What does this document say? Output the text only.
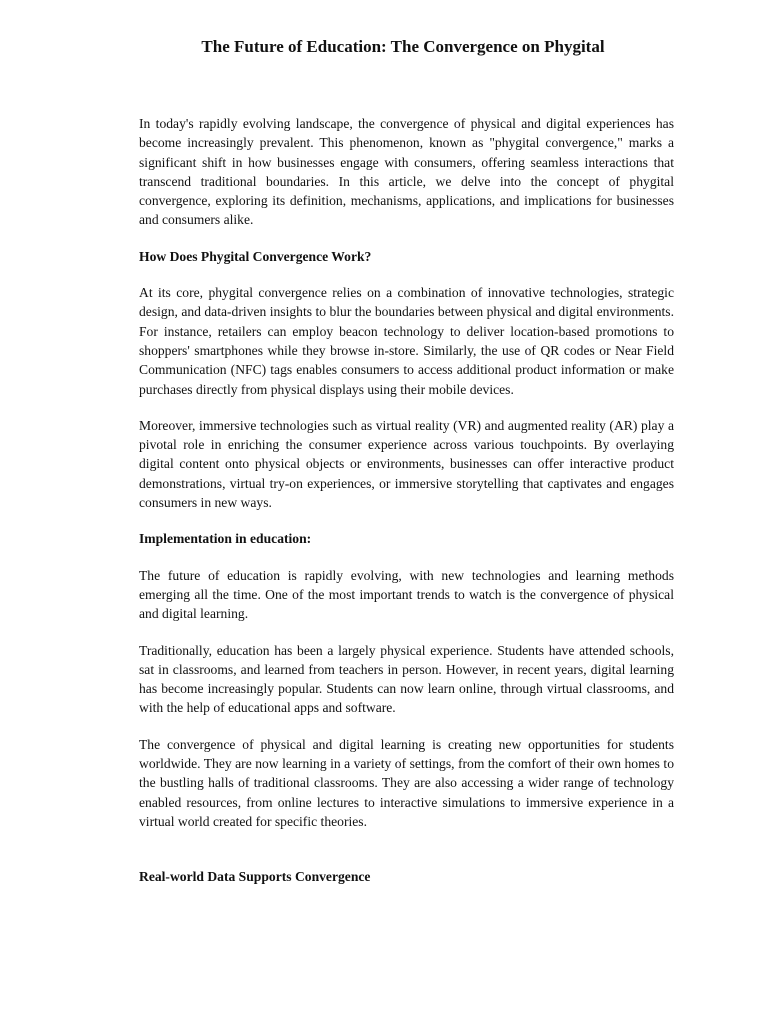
The Future of Education: The Convergence on Phygital

In today's rapidly evolving landscape, the convergence of physical and digital experiences has become increasingly prevalent. This phenomenon, known as "phygital convergence," marks a significant shift in how businesses engage with consumers, offering seamless interactions that transcend traditional boundaries. In this article, we delve into the concept of phygital convergence, exploring its definition, mechanisms, applications, and implications for businesses and consumers alike.

How Does Phygital Convergence Work?

At its core, phygital convergence relies on a combination of innovative technologies, strategic design, and data-driven insights to blur the boundaries between physical and digital environments. For instance, retailers can employ beacon technology to deliver location-based promotions to shoppers' smartphones while they browse in-store. Similarly, the use of QR codes or Near Field Communication (NFC) tags enables consumers to access additional product information or make purchases directly from physical displays using their mobile devices.

Moreover, immersive technologies such as virtual reality (VR) and augmented reality (AR) play a pivotal role in enriching the consumer experience across various touchpoints. By overlaying digital content onto physical objects or environments, businesses can offer interactive product demonstrations, virtual try-on experiences, or immersive storytelling that captivates and engages consumers in new ways.

Implementation in education:

The future of education is rapidly evolving, with new technologies and learning methods emerging all the time. One of the most important trends to watch is the convergence of physical and digital learning.

Traditionally, education has been a largely physical experience. Students have attended schools, sat in classrooms, and learned from teachers in person. However, in recent years, digital learning has become increasingly popular. Students can now learn online, through virtual classrooms, and with the help of educational apps and software.

The convergence of physical and digital learning is creating new opportunities for students worldwide. They are now learning in a variety of settings, from the comfort of their own homes to the bustling halls of traditional classrooms. They are also accessing a wider range of technology enabled resources, from online lectures to interactive simulations to immersive experience in a virtual world created for specific theories.

Real-world Data Supports Convergence
